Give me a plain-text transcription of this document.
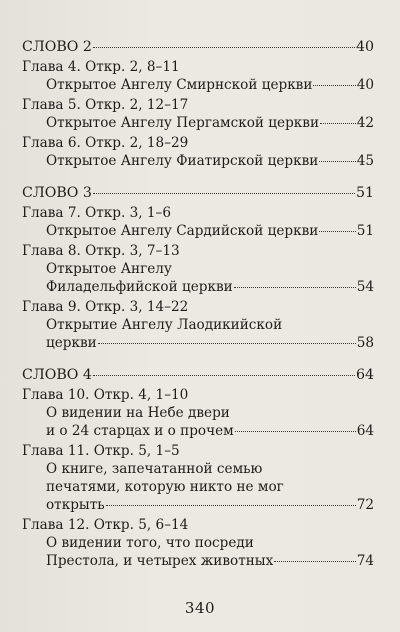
СЛОВО 2	40
Глава 4. Откр. 2, 8–11
Открытое Ангелу Смирнской церкви	40
Глава 5. Откр. 2, 12–17
Открытое Ангелу Пергамской церкви	42
Глава 6. Откр. 2, 18–29
Открытое Ангелу Фиатирской церкви	45
СЛОВО 3	51
Глава 7. Откр. 3, 1–6
Открытое Ангелу Сардийской церкви	51
Глава 8. Откр. 3, 7–13
Открытое Ангелу
Филадельфийской церкви	54
Глава 9. Откр. 3, 14–22
Открытие Ангелу Лаодикийской
церкви	58
СЛОВО 4	64
Глава 10. Откр. 4, 1–10
О видении на Небе двери
и о 24 старцах и о прочем	64
Глава 11. Откр. 5, 1–5
О книге, запечатанной семью
печатями, которую никто не мог
открыть	72
Глава 12. Откр. 5, 6–14
О видении того, что посреди
Престола, и четырех животных	74
340
